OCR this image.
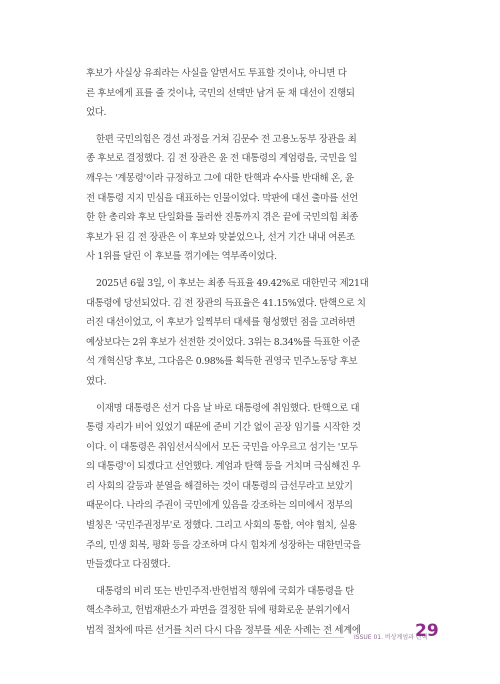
후보가 사실상 유죄라는 사실을 알면서도 투표할 것이냐, 아니면 다
른 후보에게 표를 줄 것이냐, 국민의 선택만 남겨 둔 채 대선이 진행되
었다.

한편 국민의힘은 경선 과정을 거쳐 김문수 전 고용노동부 장관을 최
종 후보로 결정했다. 김 전 장관은 윤 전 대통령의 계엄령을, 국민을 일
깨우는 '계몽령'이라 규정하고 그에 대한 탄핵과 수사를 반대해 온, 윤
전 대통령 지지 민심을 대표하는 인물이었다. 막판에 대선 출마를 선언
한 한 총리와 후보 단일화를 둘러싼 진통까지 겪은 끝에 국민의힘 최종
후보가 된 김 전 장관은 이 후보와 맞붙었으나, 선거 기간 내내 여론조
사 1위를 달린 이 후보를 꺾기에는 역부족이었다.

2025년 6월 3일, 이 후보는 최종 득표율 49.42%로 대한민국 제21대
대통령에 당선되었다. 김 전 장관의 득표율은 41.15%였다. 탄핵으로 치
러진 대선이었고, 이 후보가 일찍부터 대세를 형성했던 점을 고려하면
예상보다는 2위 후보가 선전한 것이었다. 3위는 8.34%를 득표한 이준
석 개혁신당 후보, 그다음은 0.98%를 획득한 권영국 민주노동당 후보
였다.

이재명 대통령은 선거 다음 날 바로 대통령에 취임했다. 탄핵으로 대
통령 자리가 비어 있었기 때문에 준비 기간 없이 곧장 임기를 시작한 것
이다. 이 대통령은 취임선서식에서 모든 국민을 아우르고 섬기는 '모두
의 대통령'이 되겠다고 선언했다. 계엄과 탄핵 등을 거치며 극심해진 우
리 사회의 갈등과 분열을 해결하는 것이 대통령의 급선무라고 보았기
때문이다. 나라의 주권이 국민에게 있음을 강조하는 의미에서 정부의
별칭은 '국민주권정부'로 정했다. 그리고 사회의 통합, 여야 협치, 실용
주의, 민생 회복, 평화 등을 강조하며 다시 힘차게 성장하는 대한민국을
만들겠다고 다짐했다.

대통령의 비리 또는 반민주적·반헌법적 행위에 국회가 대통령을 탄
핵소추하고, 헌법재판소가 파면을 결정한 뒤에 평화로운 분위기에서
법적 절차에 따른 선거를 치러 다시 다음 정부를 세운 사례는 전 세계에

ISSUE 01. 비상계엄과 탄핵
29
